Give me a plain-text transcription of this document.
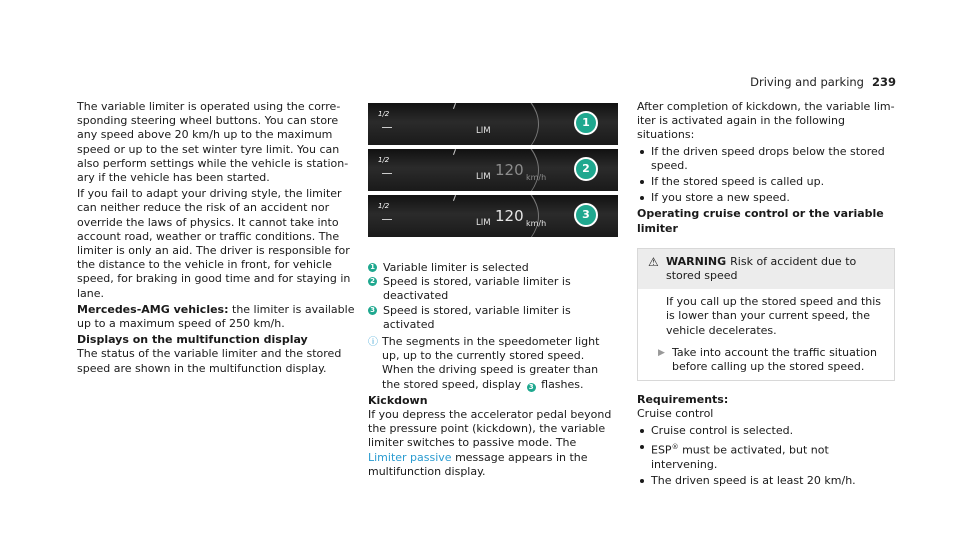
Driving and parking 239

The variable limiter is operated using the corresponding steering wheel buttons. You can store any speed above 20 km/h up to the maximum speed or up to the set winter tyre limit. You can also perform settings while the vehicle is stationary if the vehicle has been started.

If you fail to adapt your driving style, the limiter can neither reduce the risk of an accident nor override the laws of physics. It cannot take into account road, weather or traffic conditions. The limiter is only an aid. The driver is responsible for the distance to the vehicle in front, for vehicle speed, for braking in good time and for staying in lane.

Mercedes-AMG vehicles: the limiter is available up to a maximum speed of 250 km/h.

Displays on the multifunction display

The status of the variable limiter and the stored speed are shown in the multifunction display.

1/2
LIM
1
1/2
LIM 120 km/h
2
1/2
LIM 120 km/h
3
1 Variable limiter is selected
2 Speed is stored, variable limiter is deactivated
3 Speed is stored, variable limiter is activated
ⓘ The segments in the speedometer light up, up to the currently stored speed.

When the driving speed is greater than the stored speed, display 3 flashes.

Kickdown

If you depress the accelerator pedal beyond the pressure point (kickdown), the variable limiter switches to passive mode. The Limiter passive message appears in the multifunction display.

After completion of kickdown, the variable limiter is activated again in the following situations:

If the driven speed drops below the stored speed.
If the stored speed is called up.
If you store a new speed.

Operating cruise control or the variable limiter

⚠ WARNING Risk of accident due to stored speed

If you call up the stored speed and this is lower than your current speed, the vehicle decelerates.

▶ Take into account the traffic situation before calling up the stored speed.

Requirements:

Cruise control

Cruise control is selected.
ESP® must be activated, but not intervening.
The driven speed is at least 20 km/h.
